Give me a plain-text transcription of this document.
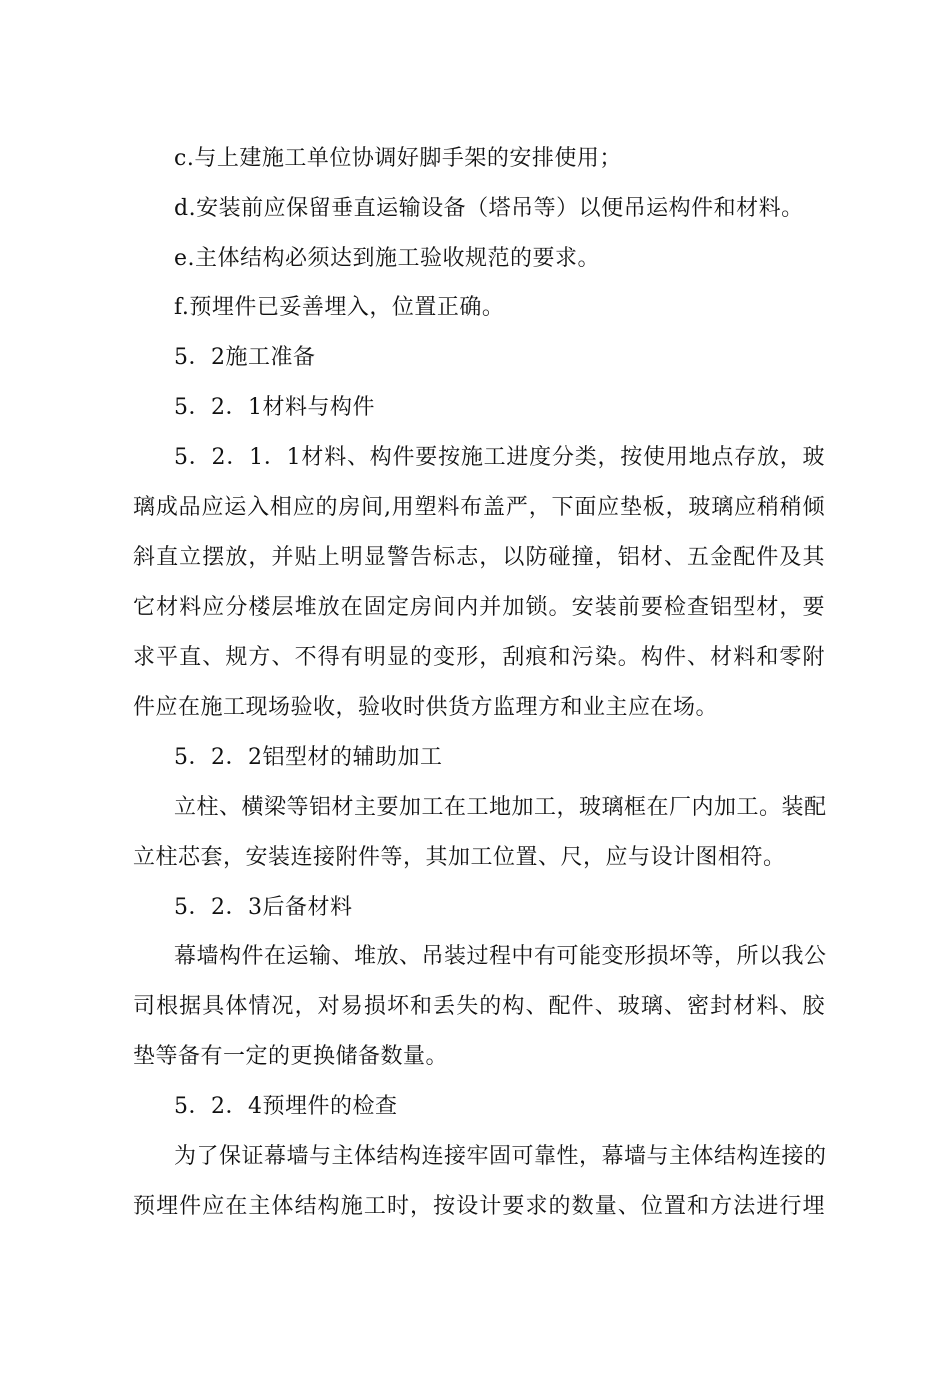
c.与上建施工单位协调好脚手架的安排使用；
d.安装前应保留垂直运输设备（塔吊等）以便吊运构件和材料。
e.主体结构必须达到施工验收规范的要求。
f.预埋件已妥善埋入，位置正确。
5．2施工准备
5．2．1材料与构件
5．2．1．1材料、构件要按施工进度分类，按使用地点存放，玻
璃成品应运入相应的房间,用塑料布盖严，下面应垫板，玻璃应稍稍倾
斜直立摆放，并贴上明显警告标志，以防碰撞，铝材、五金配件及其
它材料应分楼层堆放在固定房间内并加锁。安装前要检查铝型材，要
求平直、规方、不得有明显的变形，刮痕和污染。构件、材料和零附
件应在施工现场验收，验收时供货方监理方和业主应在场。
5．2．2铝型材的辅助加工
立柱、横梁等铝材主要加工在工地加工，玻璃框在厂内加工。装配
立柱芯套，安装连接附件等，其加工位置、尺，应与设计图相符。
5．2．3后备材料
幕墙构件在运输、堆放、吊装过程中有可能变形损坏等，所以我公
司根据具体情况，对易损坏和丢失的构、配件、玻璃、密封材料、胶
垫等备有一定的更换储备数量。
5．2．4预埋件的检查
为了保证幕墙与主体结构连接牢固可靠性，幕墙与主体结构连接的
预埋件应在主体结构施工时，按设计要求的数量、位置和方法进行埋
